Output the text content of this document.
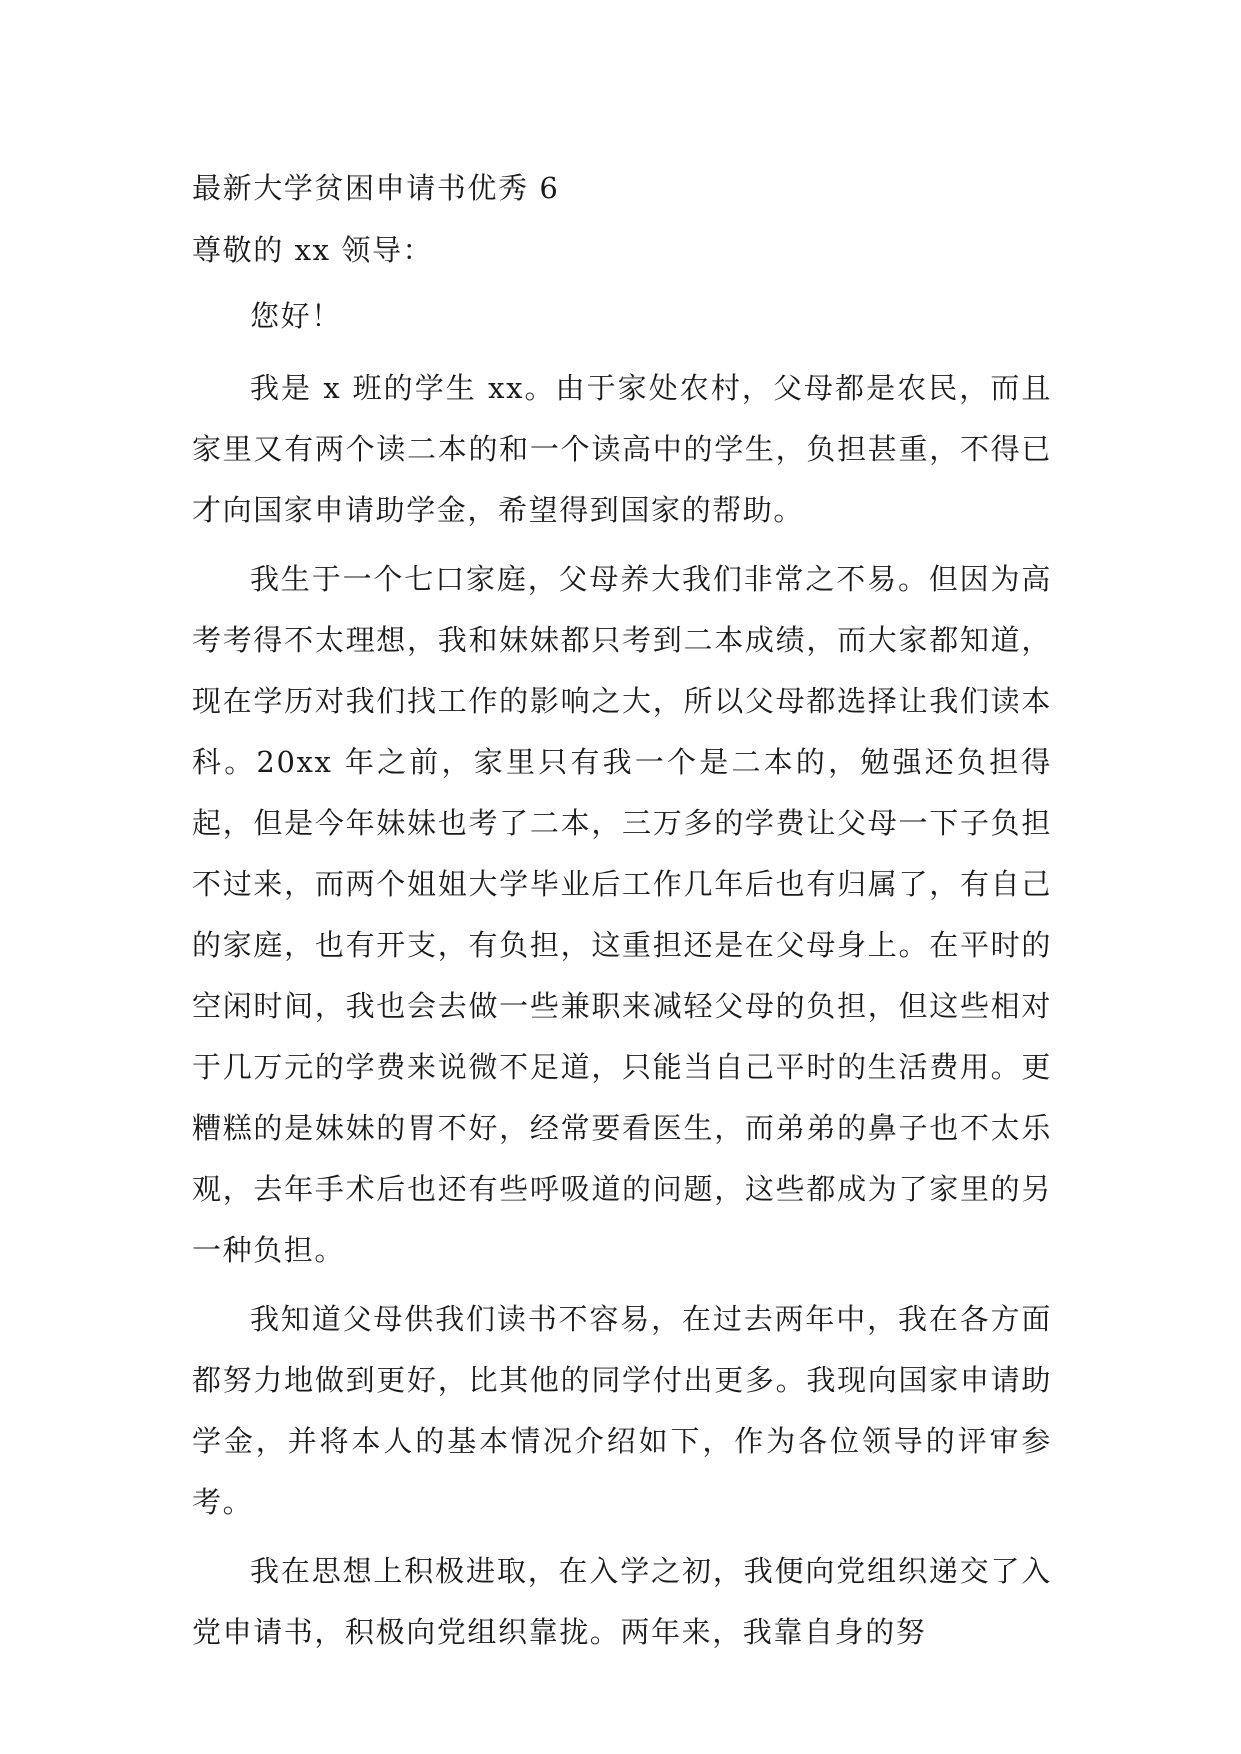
最新大学贫困申请书优秀 6

尊敬的 xx 领导：

您好！

我是 x 班的学生 xx。由于家处农村，父母都是农民，而且家里又有两个读二本的和一个读高中的学生，负担甚重，不得已才向国家申请助学金，希望得到国家的帮助。

我生于一个七口家庭，父母养大我们非常之不易。但因为高考考得不太理想，我和妹妹都只考到二本成绩，而大家都知道，现在学历对我们找工作的影响之大，所以父母都选择让我们读本科。20xx 年之前，家里只有我一个是二本的，勉强还负担得起，但是今年妹妹也考了二本，三万多的学费让父母一下子负担不过来，而两个姐姐大学毕业后工作几年后也有归属了，有自己的家庭，也有开支，有负担，这重担还是在父母身上。在平时的空闲时间，我也会去做一些兼职来减轻父母的负担，但这些相对于几万元的学费来说微不足道，只能当自己平时的生活费用。更糟糕的是妹妹的胃不好，经常要看医生，而弟弟的鼻子也不太乐观，去年手术后也还有些呼吸道的问题，这些都成为了家里的另一种负担。

我知道父母供我们读书不容易，在过去两年中，我在各方面都努力地做到更好，比其他的同学付出更多。我现向国家申请助学金，并将本人的基本情况介绍如下，作为各位领导的评审参考。

我在思想上积极进取，在入学之初，我便向党组织递交了入党申请书，积极向党组织靠拢。两年来，我靠自身的努
